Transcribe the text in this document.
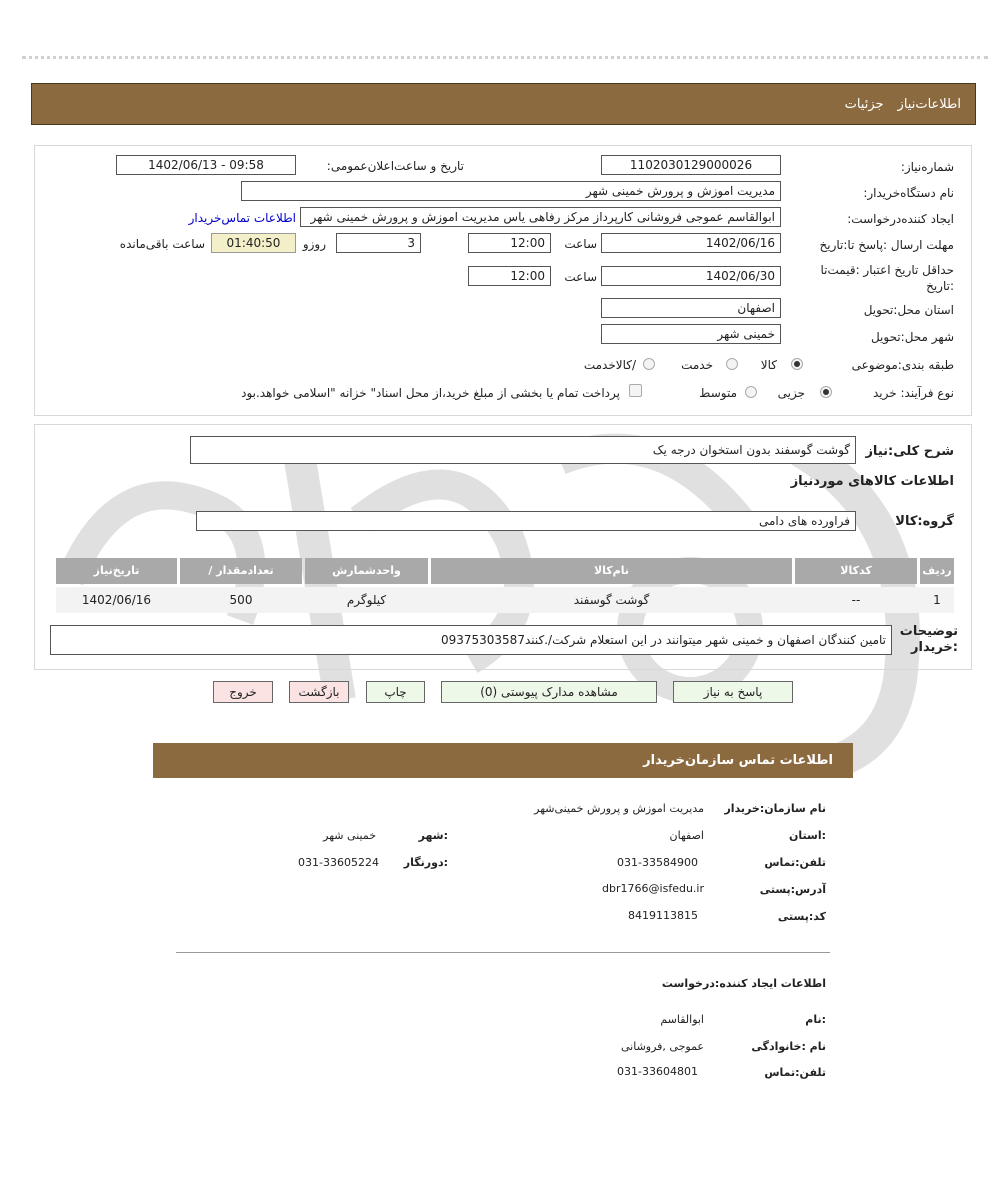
اطلاعات‌نیازجزئیات
شماره‌نیاز:
1102030129000026
تاریخ و ساعت‌اعلان‌عمومی:
1402/06/13 - 09:58
نام دستگاه‌خریدار:
مدیریت اموزش و پرورش خمینی شهر
ایجاد کننده‌درخواست:
ابوالقاسم عموجی فروشانی کارپرداز مرکز رفاهی یاس مدیریت اموزش و پرورش خمینی شهر
اطلاعات تماس‌خریدار
مهلت ارسال :پاسخ تا:تاریخ
1402/06/16
ساعت
12:00
3
روزو
01:40:50
ساعت باقی‌مانده
حداقل تاریخ اعتبار :قیمت‌تا :تاریخ
1402/06/30
ساعت
12:00
استان محل:تحویل
اصفهان
شهر محل:تحویل
خمینی شهر
طبقه بندی:موضوعی
کالا
خدمت
/کالاخدمت
نوع فرآیند: خرید
جزیی
متوسط
پرداخت تمام یا بخشی از مبلغ خرید،از محل اسناد" خزانه "اسلامی خواهد.بود
شرح کلی:نیاز
گوشت گوسفند بدون استخوان درجه یک
اطلاعات کالاهای موردنیاز
گروه:کالا
فراورده های دامی
ردیف
کدکالا
نام‌کالا
واحدشمارش
/ تعدادمقدار
تاریخ‌نیاز
1
--
گوشت گوسفند
کیلوگرم
500
1402/06/16
توضیحات :خریدار
تامین کنندگان اصفهان و خمینی شهر میتوانند در این استعلام شرکت/.کنند09375303587
پاسخ به نیاز
مشاهده مدارک پیوستی (0)
چاپ
بازگشت
خروج
اطلاعات تماس سازمان‌خریدار
نام سازمان:خریدار
مدیریت اموزش و پرورش خمینی‌شهر
:استان
اصفهان
:شهر
خمینی شهر
تلفن:تماس
031-33584900
:دورنگار
031-33605224
آدرس:پستی
dbr1766@isfedu.ir
کد:پستی
8419113815
اطلاعات ایجاد کننده:درخواست
:نام
ابوالقاسم
نام :خانوادگی
عموجی ,فروشانی
تلفن:تماس
031-33604801
